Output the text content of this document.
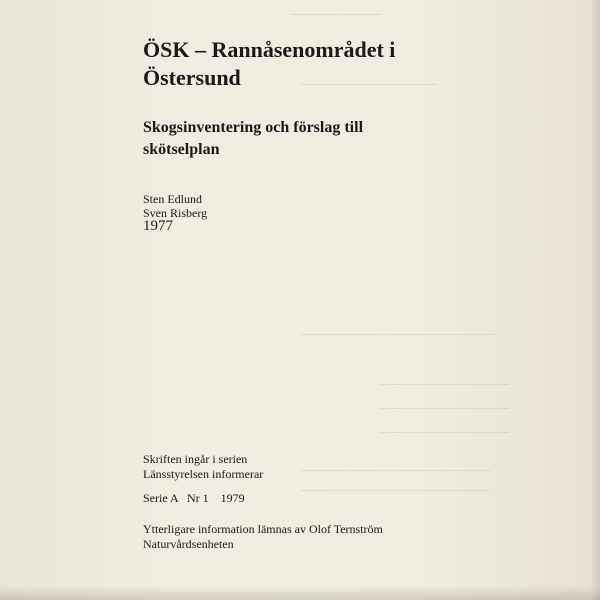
────────────
──────────────────
──────────────────────────
─────────────────
─────────────────
─────────────────
─────────────────────────
─────────────────────────
ÖSK – Rannåsenområdet i
Östersund
Skogsinventering och förslag till
skötselplan
Sten Edlund
Sven Risberg
1977
Skriften ingår i serien
Länsstyrelsen informerar
Serie A   Nr 1    1979
Ytterligare information lämnas av Olof Ternström
Naturvårdsenheten
